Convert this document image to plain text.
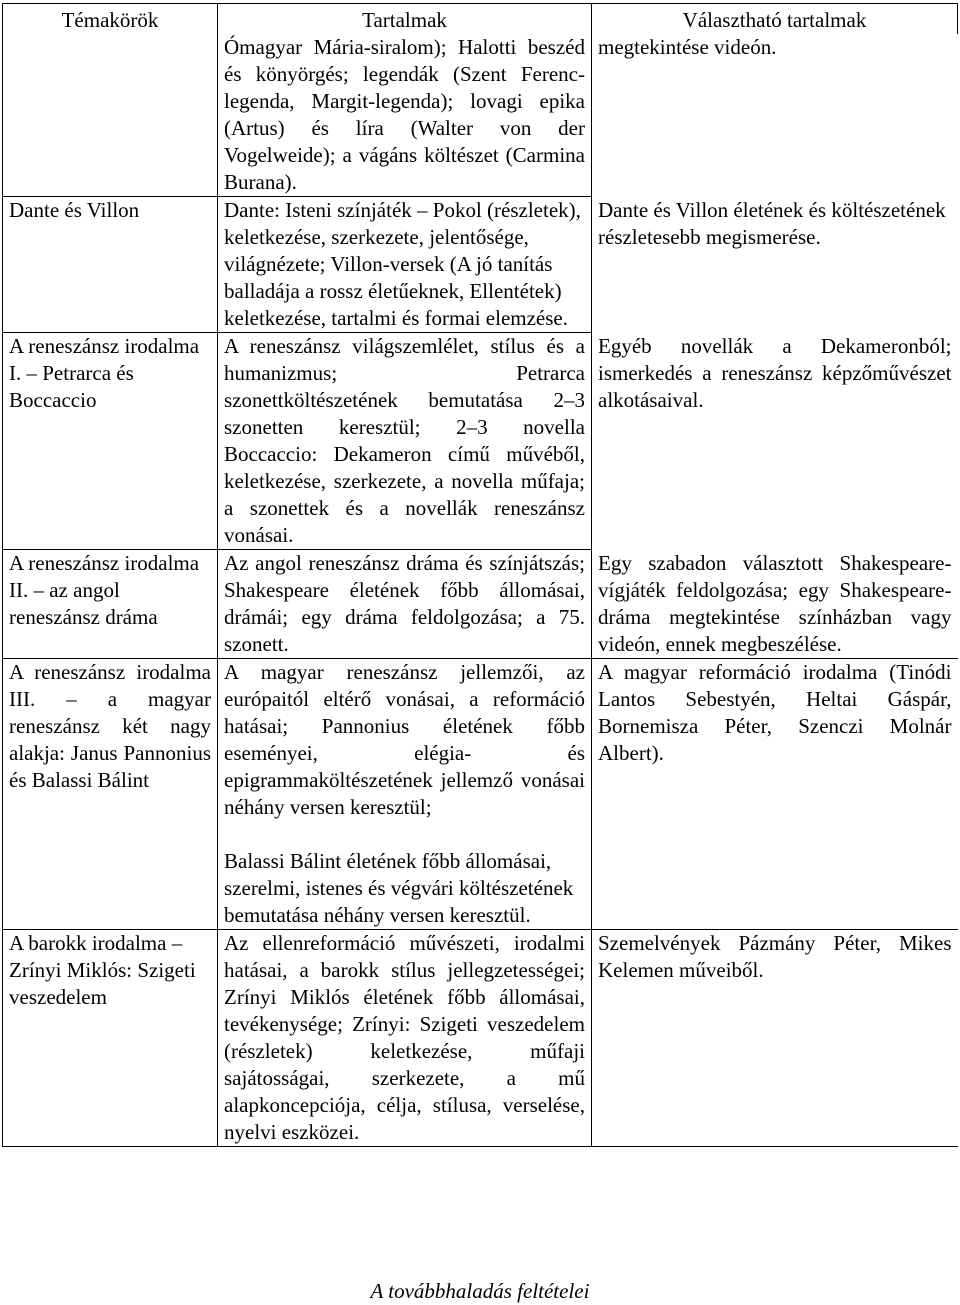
Témakörök	Tartalmak	Választható tartalmak
	Ómagyar Mária-siralom); Halotti beszéd és könyörgés; legendák (Szent Ferenc-legenda, Margit-legenda); lovagi epika (Artus) és líra (Walter von der Vogelweide); a vágáns költészet (Carmina Burana).	megtekintése videón.
Dante és Villon	Dante: Isteni színjáték – Pokol (részletek), keletkezése, szerkezete, jelentősége, világnézete; Villon-versek (A jó tanítás balladája a rossz életűeknek, Ellentétek) keletkezése, tartalmi és formai elemzése.	Dante és Villon életének és költészetének részletesebb megismerése.
A reneszánsz irodalma I. – Petrarca és Boccaccio	A reneszánsz világszemlélet, stílus és a humanizmus; Petrarca szonettköltészetének bemutatása 2–3 szonetten keresztül; 2–3 novella Boccaccio: Dekameron című művéből, keletkezése, szerkezete, a novella műfaja; a szonettek és a novellák reneszánsz vonásai.	Egyéb novellák a Dekameronból; ismerkedés a reneszánsz képzőművészet alkotásaival.
A reneszánsz irodalma II. – az angol reneszánsz dráma	Az angol reneszánsz dráma és színjátszás; Shakespeare életének főbb állomásai, drámái; egy dráma feldolgozása; a 75. szonett.	Egy szabadon választott Shakespeare-vígjáték feldolgozása; egy Shakespeare-dráma megtekintése színházban vagy videón, ennek megbeszélése.
A reneszánsz irodalma III. – a magyar reneszánsz két nagy alakja: Janus Pannonius és Balassi Bálint	A magyar reneszánsz jellemzői, az európaitól eltérő vonásai, a reformáció hatásai; Pannonius életének főbb eseményei, elégia- és epigrammaköltészetének jellemző vonásai néhány versen keresztül;
Balassi Bálint életének főbb állomásai, szerelmi, istenes és végvári költészetének bemutatása néhány versen keresztül.	A magyar reformáció irodalma (Tinódi Lantos Sebestyén, Heltai Gáspár, Bornemisza Péter, Szenczi Molnár Albert).
A barokk irodalma – Zrínyi Miklós: Szigeti veszedelem	Az ellenreformáció művészeti, irodalmi hatásai, a barokk stílus jellegzetességei; Zrínyi Miklós életének főbb állomásai, tevékenysége; Zrínyi: Szigeti veszedelem (részletek) keletkezése, műfaji sajátosságai, szerkezete, a mű alapkoncepciója, célja, stílusa, verselése, nyelvi eszközei.	Szemelvények Pázmány Péter, Mikes Kelemen műveiből.
A továbbhaladás feltételei
